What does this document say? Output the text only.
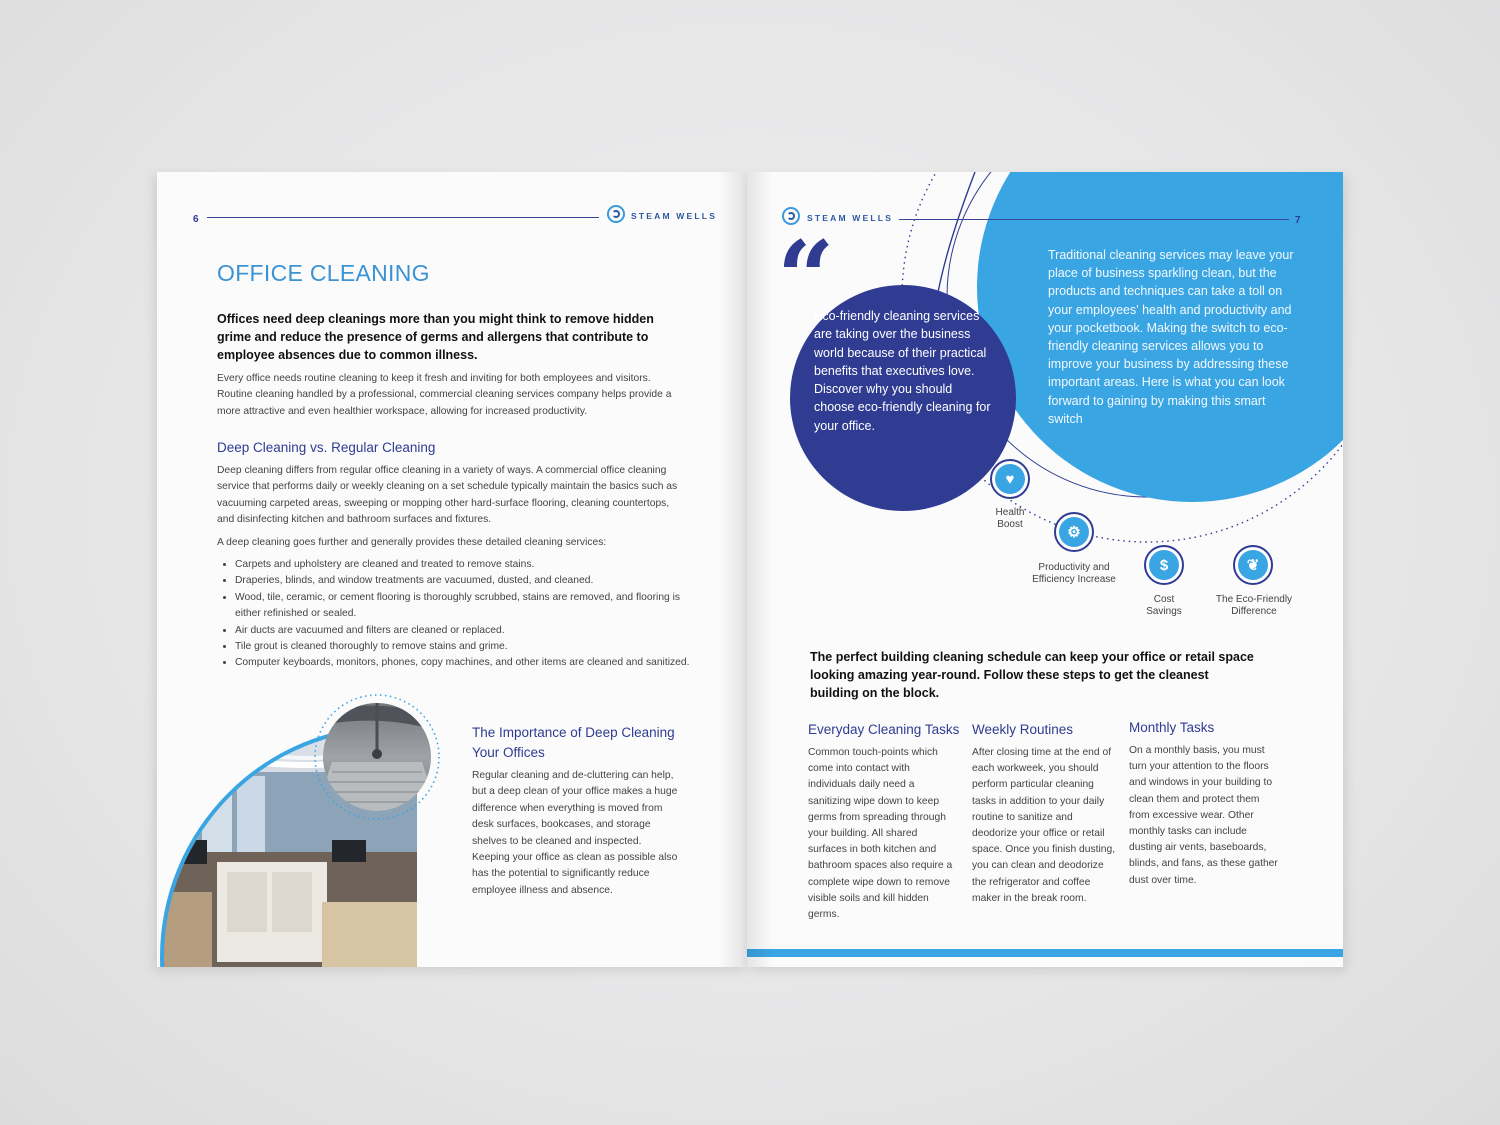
6	STEAM WELLS
OFFICE CLEANING
Offices need deep cleanings more than you might think to remove hidden grime and reduce the presence of germs and allergens that contribute to employee absences due to common illness.
Every office needs routine cleaning to keep it fresh and inviting for both employees and visitors. Routine cleaning handled by a professional, commercial cleaning services company helps provide a more attractive and even healthier workspace, allowing for increased productivity.
Deep Cleaning vs. Regular Cleaning
Deep cleaning differs from regular office cleaning in a variety of ways. A commercial office cleaning service that performs daily or weekly cleaning on a set schedule typically maintain the basics such as vacuuming carpeted areas, sweeping or mopping other hard-surface flooring, cleaning countertops, and disinfecting kitchen and bathroom surfaces and fixtures.
A deep cleaning goes further and generally provides these detailed cleaning services:
• Carpets and upholstery are cleaned and treated to remove stains.
• Draperies, blinds, and window treatments are vacuumed, dusted, and cleaned.
• Wood, tile, ceramic, or cement flooring is thoroughly scrubbed, stains are removed, and flooring is either refinished or sealed.
• Air ducts are vacuumed and filters are cleaned or replaced.
• Tile grout is cleaned thoroughly to remove stains and grime.
• Computer keyboards, monitors, phones, copy machines, and other items are cleaned and sanitized.
The Importance of Deep Cleaning Your Offices
Regular cleaning and de-cluttering can help, but a deep clean of your office makes a huge difference when everything is moved from desk surfaces, bookcases, and storage shelves to be cleaned and inspected. Keeping your office as clean as possible also has the potential to significantly reduce employee illness and absence.
7
STEAM WELLS
“
Eco-friendly cleaning services are taking over the business world because of their practical benefits that executives love. Discover why you should choose eco-friendly cleaning for your office.
Traditional cleaning services may leave your place of business sparkling clean, but the products and techniques can take a toll on your employees' health and productivity and your pocketbook. Making the switch to eco-friendly cleaning services allows you to improve your business by addressing these important areas. Here is what you can look forward to gaining by making this smart switch
♥
Health
Boost	⚙
Productivity and
Efficiency Increase
$
Cost
Savings
❦
The Eco-Friendly
Difference
The perfect building cleaning schedule can keep your office or retail space looking amazing year-round. Follow these steps to get the cleanest building on the block.
Everyday Cleaning Tasks
Common touch-points which come into contact with individuals daily need a sanitizing wipe down to keep germs from spreading through your building. All shared surfaces in both kitchen and bathroom spaces also require a complete wipe down to remove visible soils and kill hidden germs.
Weekly Routines
After closing time at the end of each workweek, you should perform particular cleaning tasks in addition to your daily routine to sanitize and deodorize your office or retail space. Once you finish dusting, you can clean and deodorize the refrigerator and coffee maker in the break room.
Monthly Tasks
On a monthly basis, you must turn your attention to the floors and windows in your building to clean them and protect them from excessive wear. Other monthly tasks can include dusting air vents, baseboards, blinds, and fans, as these gather dust over time.
